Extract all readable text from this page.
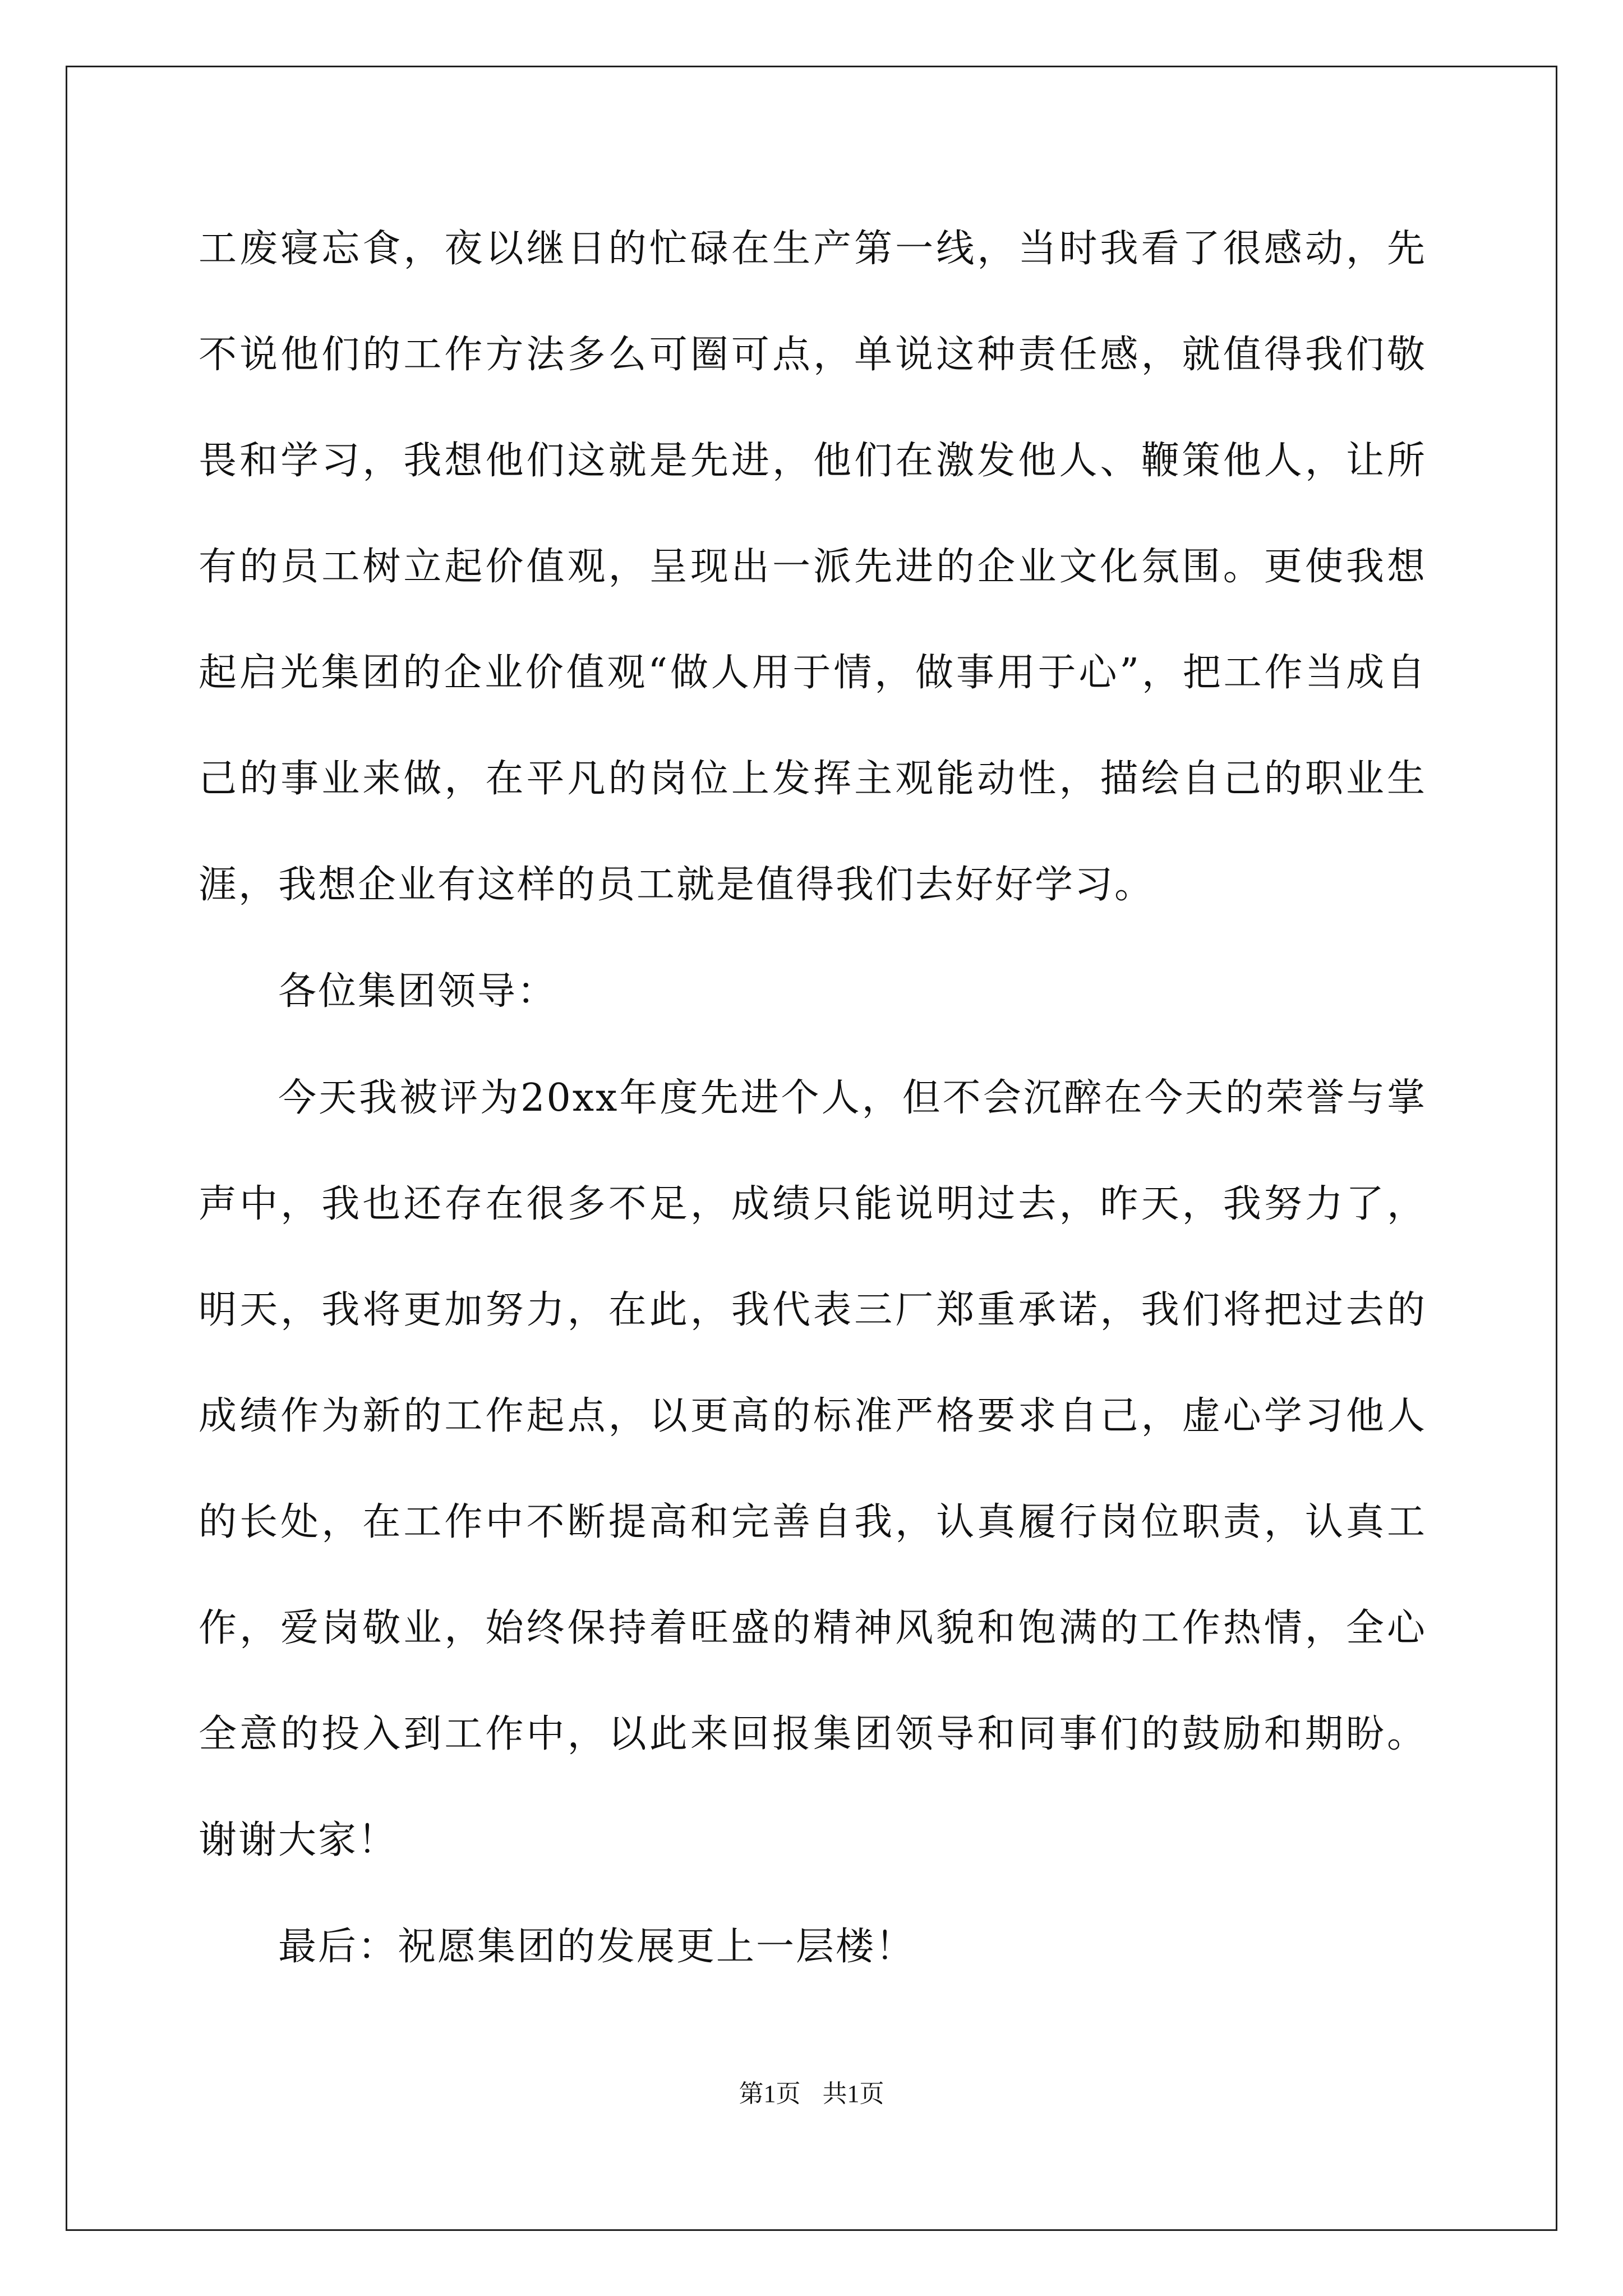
工废寝忘食，夜以继日的忙碌在生产第一线，当时我看了很感动，先
不说他们的工作方法多么可圈可点，单说这种责任感，就值得我们敬
畏和学习，我想他们这就是先进，他们在激发他人、鞭策他人，让所
有的员工树立起价值观，呈现出一派先进的企业文化氛围。更使我想
起启光集团的企业价值观“做人用于情，做事用于心”，把工作当成自
己的事业来做，在平凡的岗位上发挥主观能动性，描绘自己的职业生
涯，我想企业有这样的员工就是值得我们去好好学习。
各位集团领导：
今天我被评为20xx年度先进个人，但不会沉醉在今天的荣誉与掌
声中，我也还存在很多不足，成绩只能说明过去，昨天，我努力了，
明天，我将更加努力，在此，我代表三厂郑重承诺，我们将把过去的
成绩作为新的工作起点，以更高的标准严格要求自己，虚心学习他人
的长处，在工作中不断提高和完善自我，认真履行岗位职责，认真工
作，爱岗敬业，始终保持着旺盛的精神风貌和饱满的工作热情，全心
全意的投入到工作中，以此来回报集团领导和同事们的鼓励和期盼。
谢谢大家！
最后：祝愿集团的发展更上一层楼！
第1页 共1页
